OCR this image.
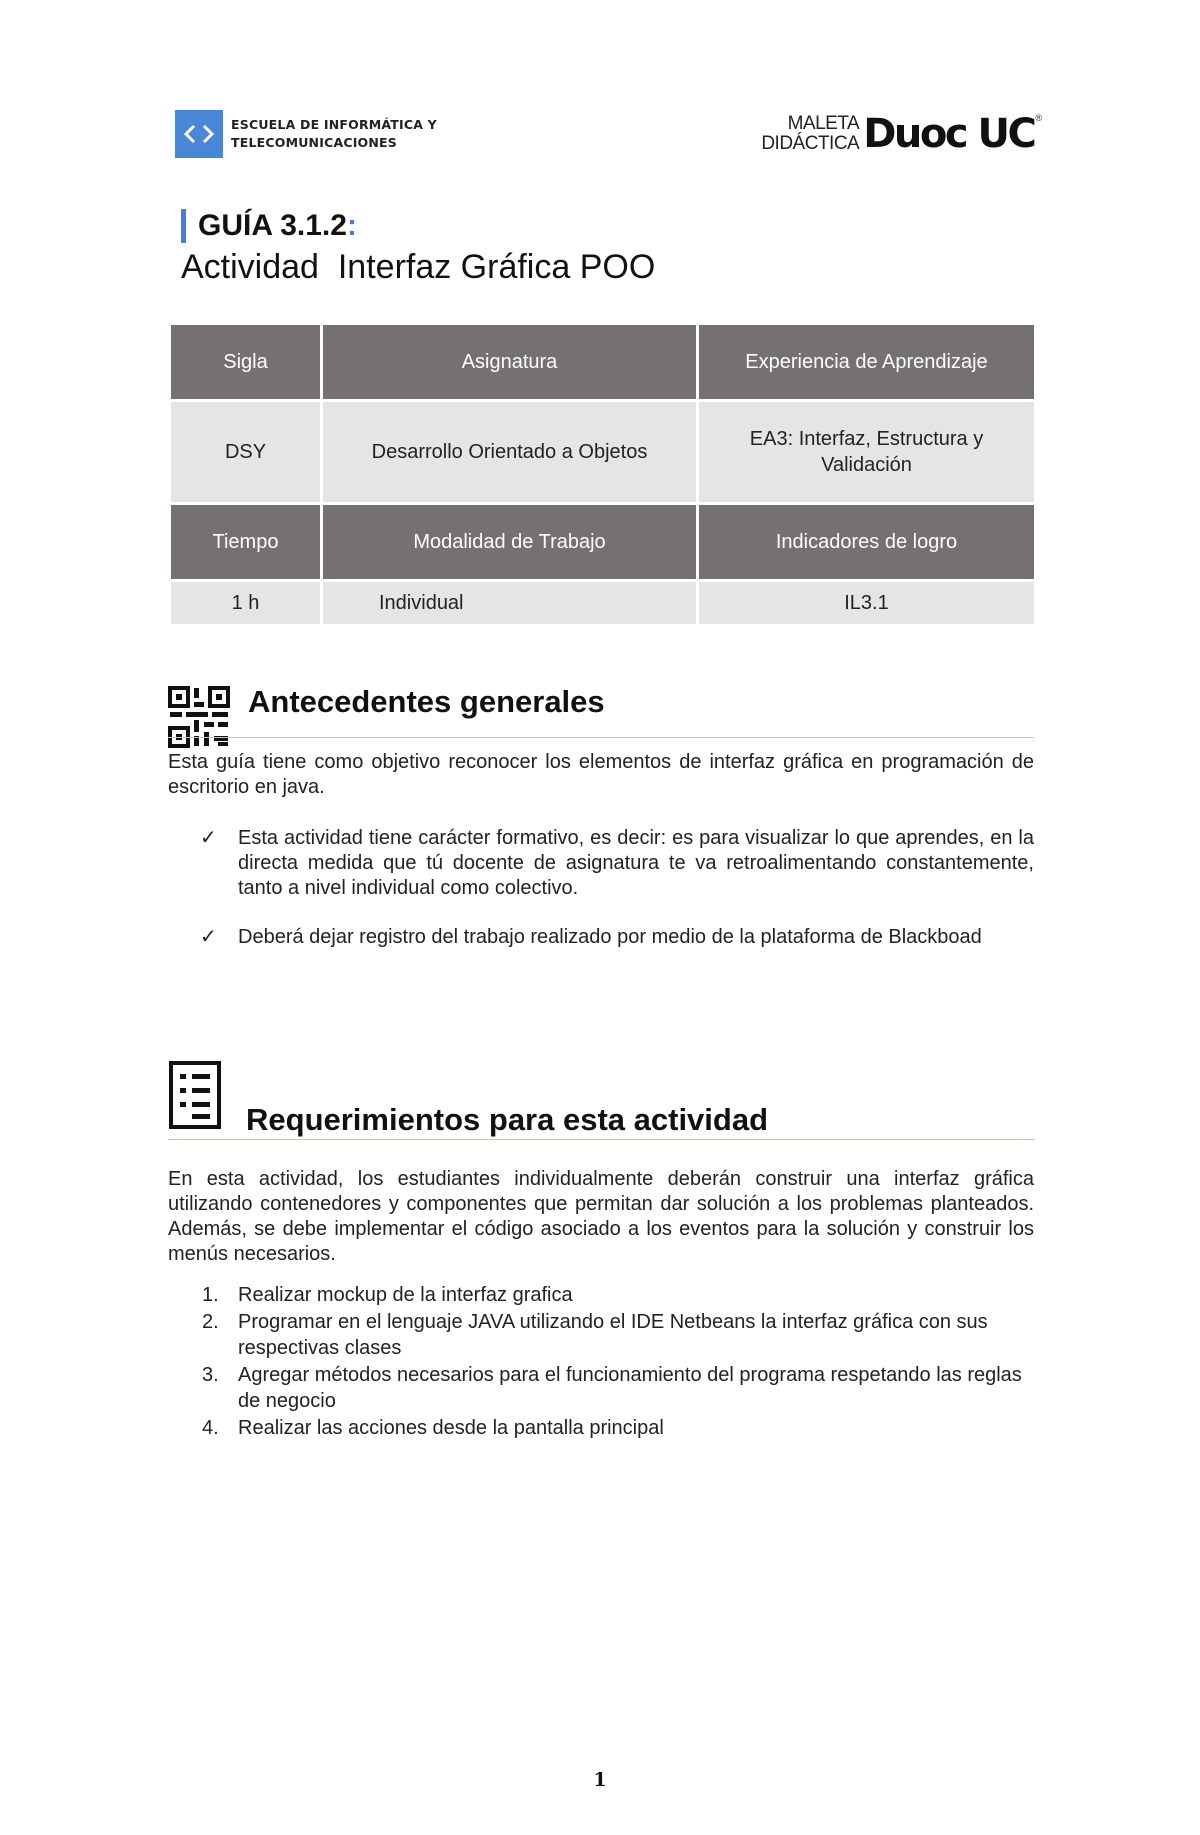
ESCUELA DE INFORMÁTICA Y
TELECOMUNICACIONES
MALETA
DIDÁCTICA Duoc UC ®
GUÍA 3.1.2 :
Actividad  Interfaz Gráfica POO
Sigla	Asignatura	Experiencia de Aprendizaje
DSY	Desarrollo Orientado a Objetos	EA3: Interfaz, Estructura y Validación
Tiempo	Modalidad de Trabajo	Indicadores de logro
1 h	Individual	IL3.1
Antecedentes generales

Esta guía tiene como objetivo reconocer los elementos de interfaz gráfica en programación de escritorio en java.

✓ Esta actividad tiene carácter formativo, es decir: es para visualizar lo que aprendes, en la directa medida que tú docente de asignatura te va retroalimentando constantemente, tanto a nivel individual como colectivo.
✓ Deberá dejar registro del trabajo realizado por medio de la plataforma de Blackboad
Requerimientos para esta actividad

En esta actividad, los estudiantes individualmente deberán construir una interfaz gráfica utilizando contenedores y componentes que permitan dar solución a los problemas planteados. Además, se debe implementar el código asociado a los eventos para la solución y construir los menús necesarios.

1. Realizar mockup de la interfaz grafica
2. Programar en el lenguaje JAVA utilizando el IDE Netbeans la interfaz gráfica con sus respectivas clases
3. Agregar métodos necesarios para el funcionamiento del programa respetando las reglas de negocio
4. Realizar las acciones desde la pantalla principal
1
